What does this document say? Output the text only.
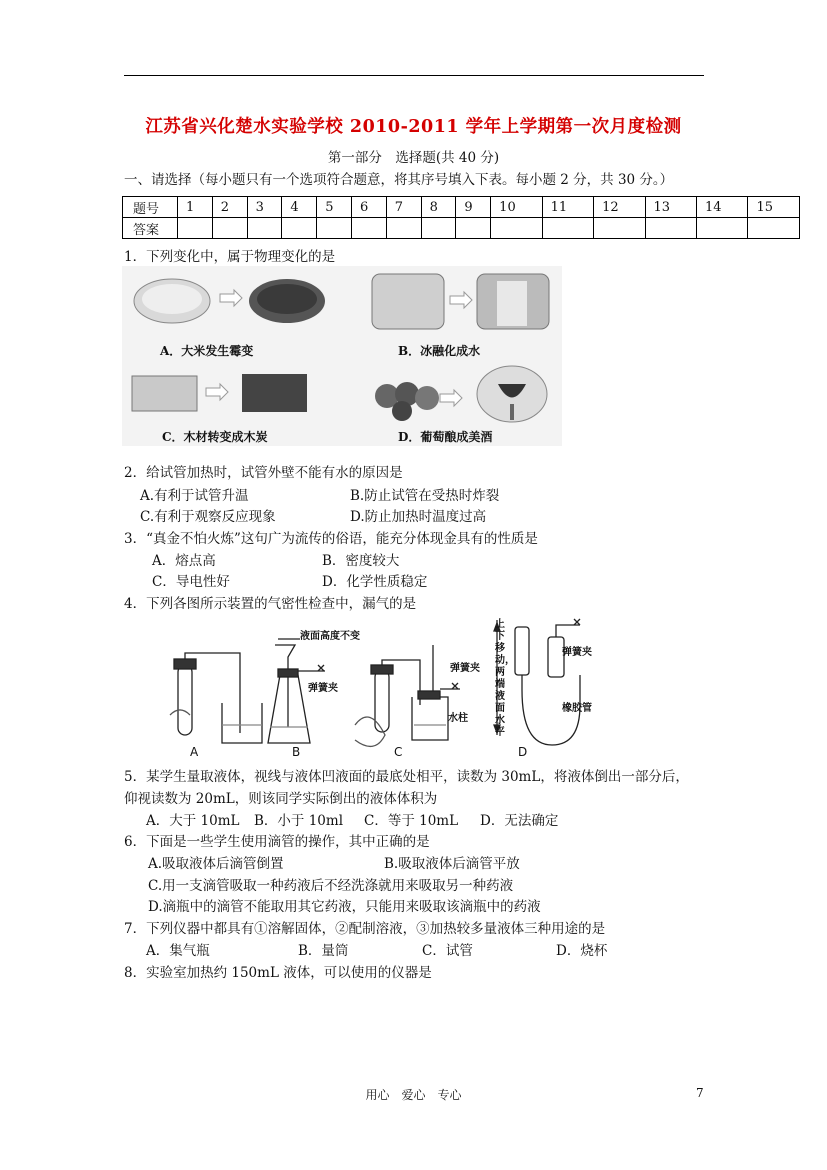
江苏省兴化楚水实验学校 2010-2011 学年上学期第一次月度检测
第一部分　选择题(共 40 分)
一、请选择（每小题只有一个选项符合题意，将其序号填入下表。每小题 2 分，共 30 分。）
题号	1	2	3	4	5	6	7	8	9	10	11	12	13	14	15
答案															
1．下列变化中，属于物理变化的是
A．大米发生霉变	B．冰融化成水
C．木材转变成木炭	D．葡萄酿成美酒
2．给试管加热时，试管外壁不能有水的原因是
A.有利于试管升温	B.防止试管在受热时炸裂
C.有利于观察反应现象	D.防止加热时温度过高
3．“真金不怕火炼”这句广为流传的俗语，能充分体现金具有的性质是
A．熔点高	B．密度较大
C．导电性好	D．化学性质稳定
4．下列各图所示装置的气密性检查中，漏气的是
液面高度不变
弹簧夹
弹簧夹
水柱
上下移动，两端液面水平
弹簧夹
橡胶管
A	B	C	D
5．某学生量取液体，视线与液体凹液面的最底处相平，读数为 30mL，将液体倒出一部分后，
仰视读数为 20mL，则该同学实际倒出的液体体积为
A．大于 10mL B．小于 10ml C．等于 10mL D．无法确定
6．下面是一些学生使用滴管的操作，其中正确的是
A.吸取液体后滴管倒置	B.吸取液体后滴管平放
C.用一支滴管吸取一种药液后不经洗涤就用来吸取另一种药液
D.滴瓶中的滴管不能取用其它药液，只能用来吸取该滴瓶中的药液
7．下列仪器中都具有①溶解固体，②配制溶液，③加热较多量液体三种用途的是
A．集气瓶	B．量筒	C．试管	D．烧杯
8．实验室加热约 150mL 液体，可以使用的仪器是
用心　爱心　专心	7
